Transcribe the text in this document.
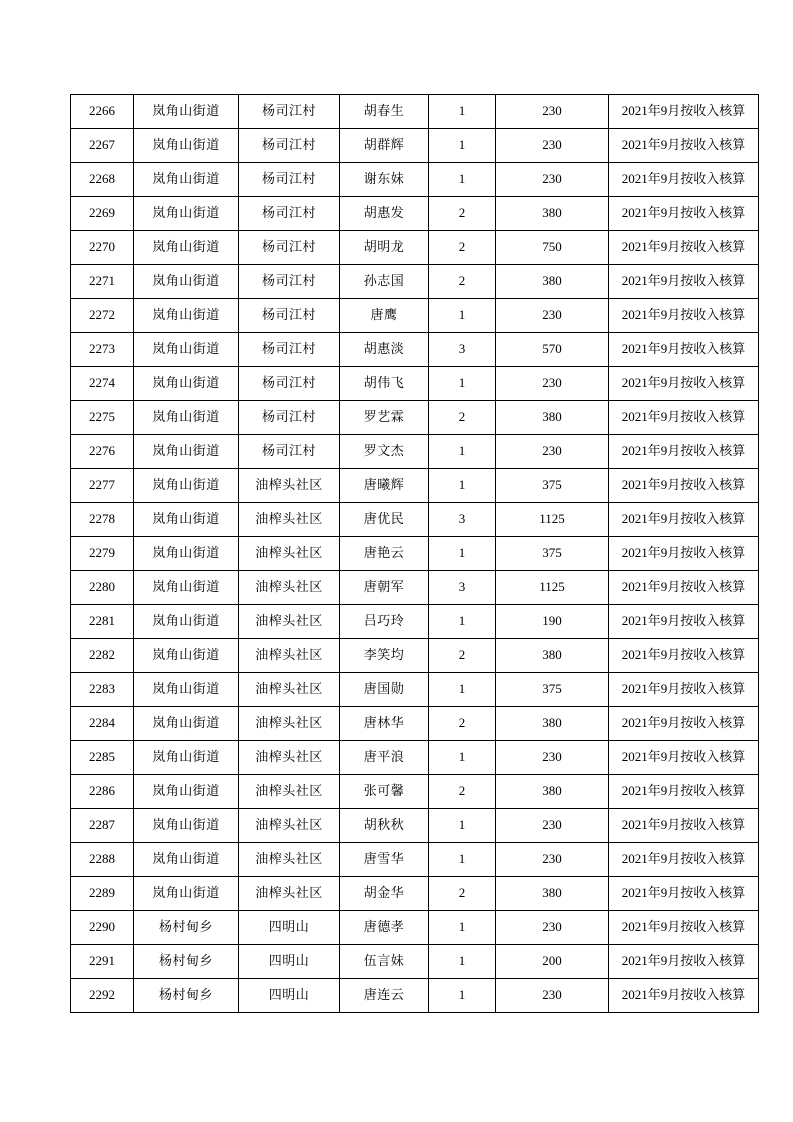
2266	岚角山街道	杨司江村	胡春生	1	230	2021年9月按收入核算
2267	岚角山街道	杨司江村	胡群辉	1	230	2021年9月按收入核算
2268	岚角山街道	杨司江村	谢东妹	1	230	2021年9月按收入核算
2269	岚角山街道	杨司江村	胡惠发	2	380	2021年9月按收入核算
2270	岚角山街道	杨司江村	胡明龙	2	750	2021年9月按收入核算
2271	岚角山街道	杨司江村	孙志国	2	380	2021年9月按收入核算
2272	岚角山街道	杨司江村	唐鹰	1	230	2021年9月按收入核算
2273	岚角山街道	杨司江村	胡惠淡	3	570	2021年9月按收入核算
2274	岚角山街道	杨司江村	胡伟飞	1	230	2021年9月按收入核算
2275	岚角山街道	杨司江村	罗艺霖	2	380	2021年9月按收入核算
2276	岚角山街道	杨司江村	罗文杰	1	230	2021年9月按收入核算
2277	岚角山街道	油榨头社区	唐曦辉	1	375	2021年9月按收入核算
2278	岚角山街道	油榨头社区	唐优民	3	1125	2021年9月按收入核算
2279	岚角山街道	油榨头社区	唐艳云	1	375	2021年9月按收入核算
2280	岚角山街道	油榨头社区	唐朝军	3	1125	2021年9月按收入核算
2281	岚角山街道	油榨头社区	吕巧玲	1	190	2021年9月按收入核算
2282	岚角山街道	油榨头社区	李笑均	2	380	2021年9月按收入核算
2283	岚角山街道	油榨头社区	唐国勋	1	375	2021年9月按收入核算
2284	岚角山街道	油榨头社区	唐林华	2	380	2021年9月按收入核算
2285	岚角山街道	油榨头社区	唐平浪	1	230	2021年9月按收入核算
2286	岚角山街道	油榨头社区	张可馨	2	380	2021年9月按收入核算
2287	岚角山街道	油榨头社区	胡秋秋	1	230	2021年9月按收入核算
2288	岚角山街道	油榨头社区	唐雪华	1	230	2021年9月按收入核算
2289	岚角山街道	油榨头社区	胡金华	2	380	2021年9月按收入核算
2290	杨村甸乡	四明山	唐德孝	1	230	2021年9月按收入核算
2291	杨村甸乡	四明山	伍言妹	1	200	2021年9月按收入核算
2292	杨村甸乡	四明山	唐连云	1	230	2021年9月按收入核算
